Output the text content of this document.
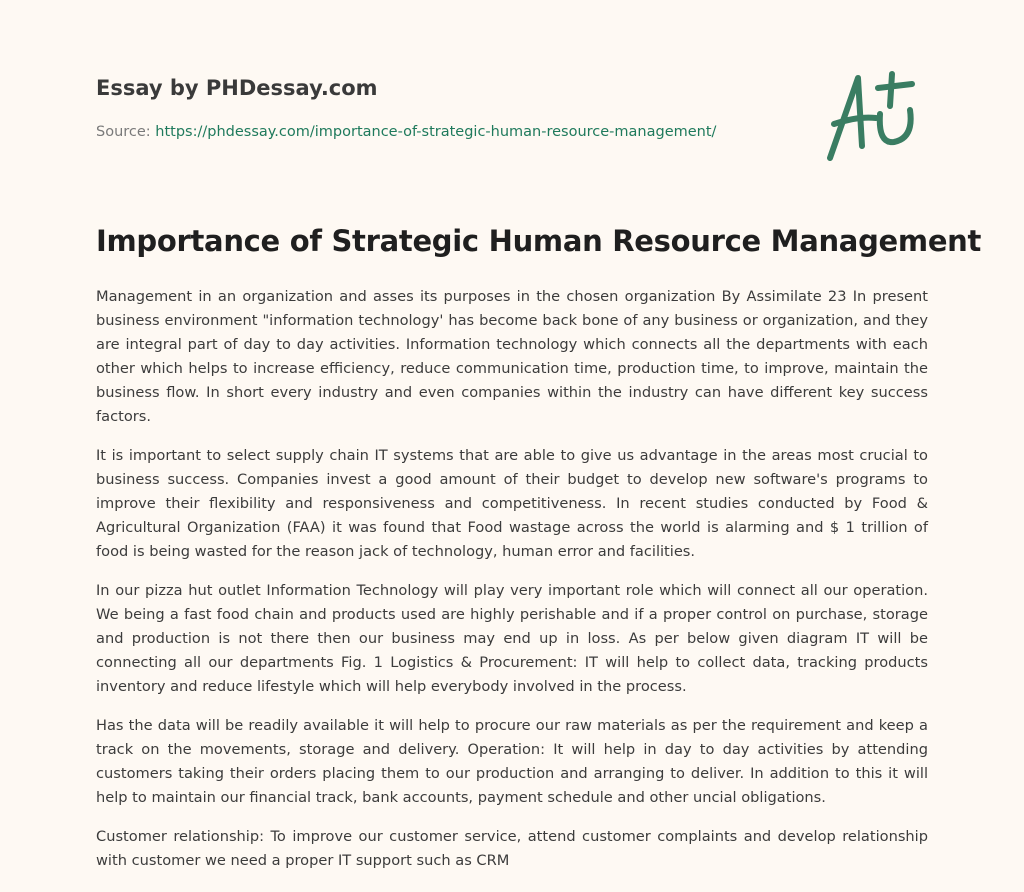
Essay by PHDessay.com
Source: https://phdessay.com/importance-of-strategic-human-resource-management/
Importance of Strategic Human Resource Management

Management in an organization and asses its purposes in the chosen organization By Assimilate 23 In present business environment "information technology' has become back bone of any business or organization, and they are integral part of day to day activities. Information technology which connects all the departments with each other which helps to increase efficiency, reduce communication time, production time, to improve, maintain the business flow. In short every industry and even companies within the industry can have different key success factors.

It is important to select supply chain IT systems that are able to give us advantage in the areas most crucial to business success. Companies invest a good amount of their budget to develop new software's programs to improve their flexibility and responsiveness and competitiveness. In recent studies conducted by Food & Agricultural Organization (FAA) it was found that Food wastage across the world is alarming and $ 1 trillion of food is being wasted for the reason jack of technology, human error and facilities.

In our pizza hut outlet Information Technology will play very important role which will connect all our operation. We being a fast food chain and products used are highly perishable and if a proper control on purchase, storage and production is not there then our business may end up in loss. As per below given diagram IT will be connecting all our departments Fig. 1 Logistics & Procurement: IT will help to collect data, tracking products inventory and reduce lifestyle which will help everybody involved in the process.

Has the data will be readily available it will help to procure our raw materials as per the requirement and keep a track on the movements, storage and delivery. Operation: It will help in day to day activities by attending customers taking their orders placing them to our production and arranging to deliver. In addition to this it will help to maintain our financial track, bank accounts, payment schedule and other uncial obligations.

Customer relationship: To improve our customer service, attend customer complaints and develop relationship with customer we need a proper IT support such as CRM
